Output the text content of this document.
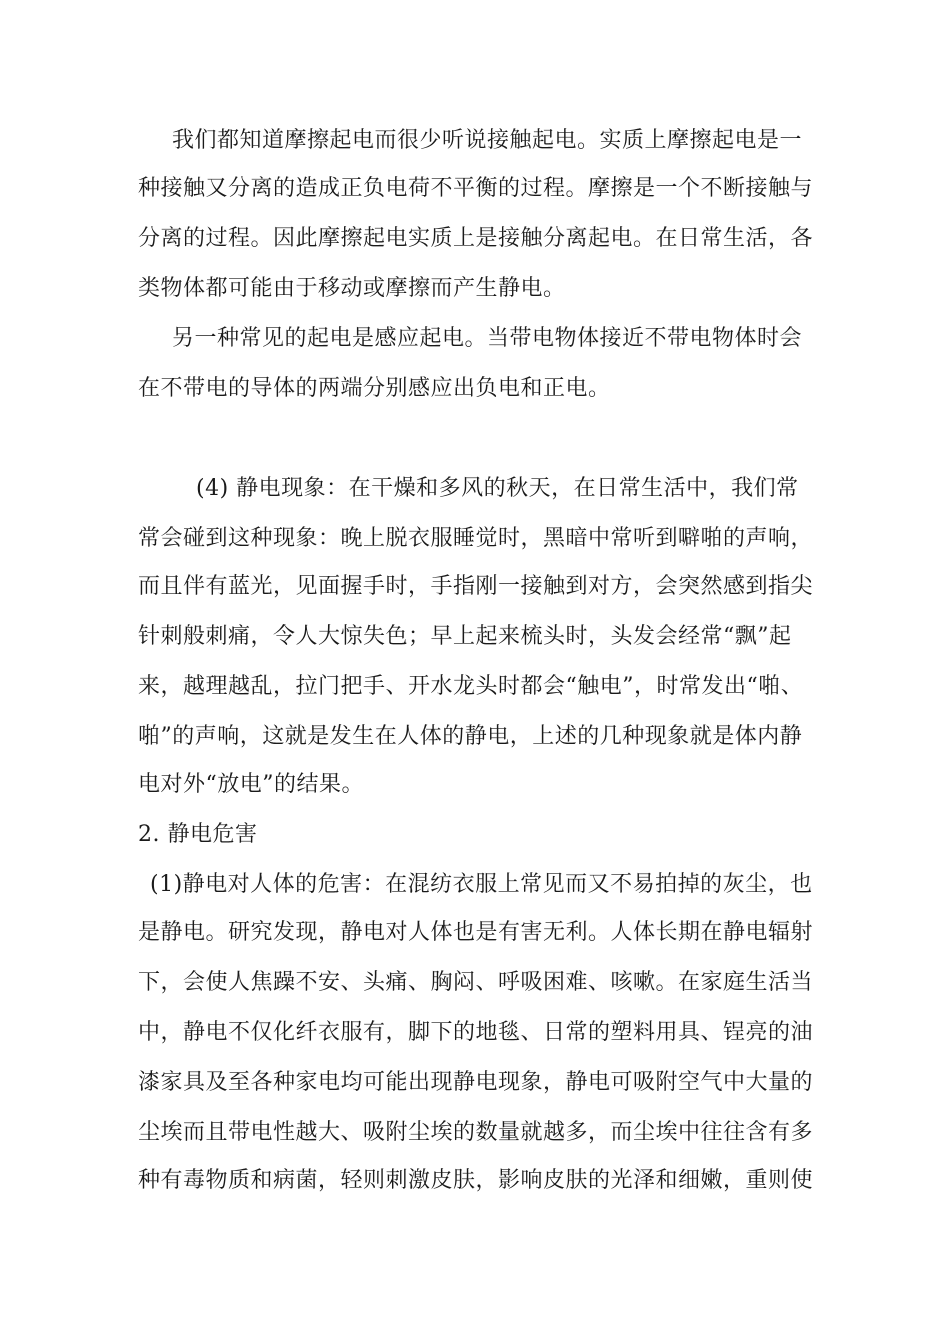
我们都知道摩擦起电而很少听说接触起电。实质上摩擦起电是一
种接触又分离的造成正负电荷不平衡的过程。摩擦是一个不断接触与
分离的过程。因此摩擦起电实质上是接触分离起电。在日常生活，各
类物体都可能由于移动或摩擦而产生静电。
另一种常见的起电是感应起电。当带电物体接近不带电物体时会
在不带电的导体的两端分别感应出负电和正电。
(4) 静电现象：在干燥和多风的秋天，在日常生活中，我们常
常会碰到这种现象：晚上脱衣服睡觉时，黑暗中常听到噼啪的声响，
而且伴有蓝光，见面握手时，手指刚一接触到对方，会突然感到指尖
针刺般刺痛，令人大惊失色；早上起来梳头时，头发会经常“飘”起
来，越理越乱，拉门把手、开水龙头时都会“触电”，时常发出“啪、
啪”的声响，这就是发生在人体的静电，上述的几种现象就是体内静
电对外“放电”的结果。
2. 静电危害
(1)静电对人体的危害：在混纺衣服上常见而又不易拍掉的灰尘，也
是静电。研究发现，静电对人体也是有害无利。人体长期在静电辐射
下，会使人焦躁不安、头痛、胸闷、呼吸困难、咳嗽。在家庭生活当
中，静电不仅化纤衣服有，脚下的地毯、日常的塑料用具、锃亮的油
漆家具及至各种家电均可能出现静电现象，静电可吸附空气中大量的
尘埃而且带电性越大、吸附尘埃的数量就越多，而尘埃中往往含有多
种有毒物质和病菌，轻则刺激皮肤，影响皮肤的光泽和细嫩，重则使
